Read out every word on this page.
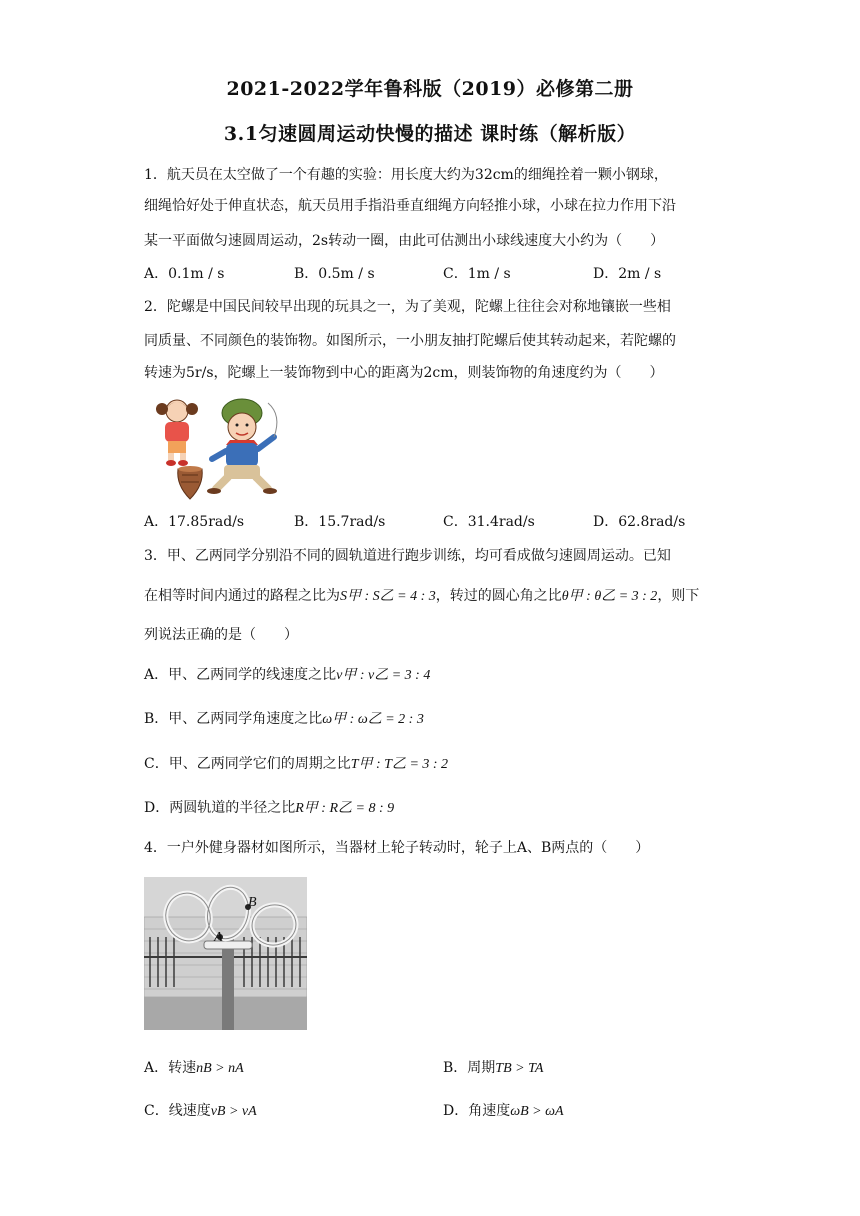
2021-2022学年鲁科版（2019）必修第二册
3.1匀速圆周运动快慢的描述 课时练（解析版）
1．航天员在太空做了一个有趣的实验：用长度大约为32cm的细绳拴着一颗小钢球，
细绳恰好处于伸直状态，航天员用手指沿垂直细绳方向轻推小球，小球在拉力作用下沿
某一平面做匀速圆周运动，2s转动一圈，由此可估测出小球线速度大小约为（　　）
A．0.1m / s	B．0.5m / s	C．1m / s	D．2m / s
2．陀螺是中国民间较早出现的玩具之一，为了美观，陀螺上往往会对称地镶嵌一些相
同质量、不同颜色的装饰物。如图所示，一小朋友抽打陀螺后使其转动起来，若陀螺的
转速为5r/s，陀螺上一装饰物到中心的距离为2cm，则装饰物的角速度约为（　　）
A．17.85rad/s	B．15.7rad/s	C．31.4rad/s	D．62.8rad/s
3．甲、乙两同学分别沿不同的圆轨道进行跑步训练，均可看成做匀速圆周运动。已知
在相等时间内通过的路程之比为S甲 : S乙 = 4 : 3，转过的圆心角之比θ甲 : θ乙 = 3 : 2，则下
列说法正确的是（　　）
A．甲、乙两同学的线速度之比v甲 : v乙 = 3 : 4
B．甲、乙两同学角速度之比ω甲 : ω乙 = 2 : 3
C．甲、乙两同学它们的周期之比T甲 : T乙 = 3 : 2
D．两圆轨道的半径之比R甲 : R乙 = 8 : 9
4．一户外健身器材如图所示，当器材上轮子转动时，轮子上A、B两点的（　　）
A
B
A．转速nB > nA	B．周期TB > TA
C．线速度vB > vA	D．角速度ωB > ωA
